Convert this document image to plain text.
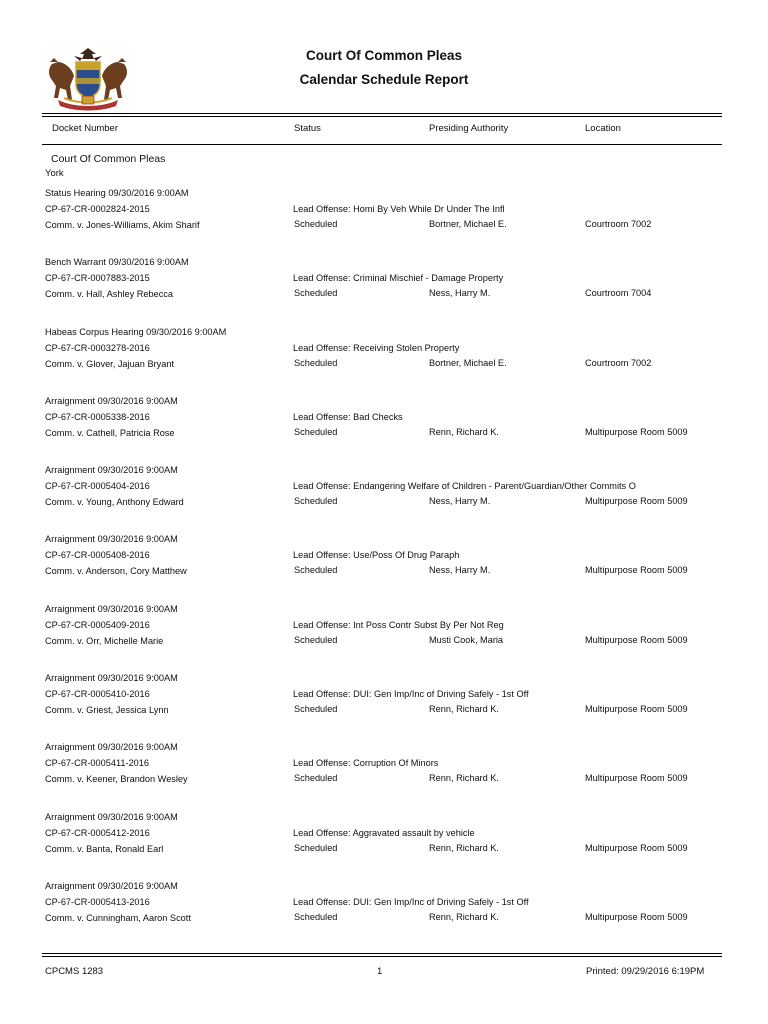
Court Of Common Pleas
Calendar Schedule Report
Docket Number	Status	Presiding Authority	Location
Court Of Common Pleas
York
Status Hearing 09/30/2016 9:00AM
CP-67-CR-0002824-2015
Comm. v. Jones-Williams, Akim Sharif
Lead Offense: Homi By Veh While Dr Under The Infl
Scheduled	Bortner, Michael E.	Courtroom 7002
Bench Warrant 09/30/2016 9:00AM
CP-67-CR-0007883-2015
Comm. v. Hall, Ashley Rebecca
Lead Offense: Criminal Mischief - Damage Property
Scheduled	Ness, Harry M.	Courtroom 7004
Habeas Corpus Hearing 09/30/2016 9:00AM
CP-67-CR-0003278-2016
Comm. v. Glover, Jajuan Bryant
Lead Offense: Receiving Stolen Property
Scheduled	Bortner, Michael E.	Courtroom 7002
Arraignment 09/30/2016 9:00AM
CP-67-CR-0005338-2016
Comm. v. Cathell, Patricia Rose
Lead Offense: Bad Checks
Scheduled	Renn, Richard K.	Multipurpose Room 5009
Arraignment 09/30/2016 9:00AM
CP-67-CR-0005404-2016
Comm. v. Young, Anthony Edward
Lead Offense: Endangering Welfare of Children - Parent/Guardian/Other Commits O
Scheduled	Ness, Harry M.	Multipurpose Room 5009
Arraignment 09/30/2016 9:00AM
CP-67-CR-0005408-2016
Comm. v. Anderson, Cory Matthew
Lead Offense: Use/Poss Of Drug Paraph
Scheduled	Ness, Harry M.	Multipurpose Room 5009
Arraignment 09/30/2016 9:00AM
CP-67-CR-0005409-2016
Comm. v. Orr, Michelle Marie
Lead Offense: Int Poss Contr Subst By Per Not Reg
Scheduled	Musti Cook, Maria	Multipurpose Room 5009
Arraignment 09/30/2016 9:00AM
CP-67-CR-0005410-2016
Comm. v. Griest, Jessica Lynn
Lead Offense: DUI: Gen Imp/Inc of Driving Safely - 1st Off
Scheduled	Renn, Richard K.	Multipurpose Room 5009
Arraignment 09/30/2016 9:00AM
CP-67-CR-0005411-2016
Comm. v. Keener, Brandon Wesley
Lead Offense: Corruption Of Minors
Scheduled	Renn, Richard K.	Multipurpose Room 5009
Arraignment 09/30/2016 9:00AM
CP-67-CR-0005412-2016
Comm. v. Banta, Ronald Earl
Lead Offense: Aggravated assault by vehicle
Scheduled	Renn, Richard K.	Multipurpose Room 5009
Arraignment 09/30/2016 9:00AM
CP-67-CR-0005413-2016
Comm. v. Cunningham, Aaron Scott
Lead Offense: DUI: Gen Imp/Inc of Driving Safely - 1st Off
Scheduled	Renn, Richard K.	Multipurpose Room 5009
CPCMS 1283	1	Printed: 09/29/2016 6:19PM
